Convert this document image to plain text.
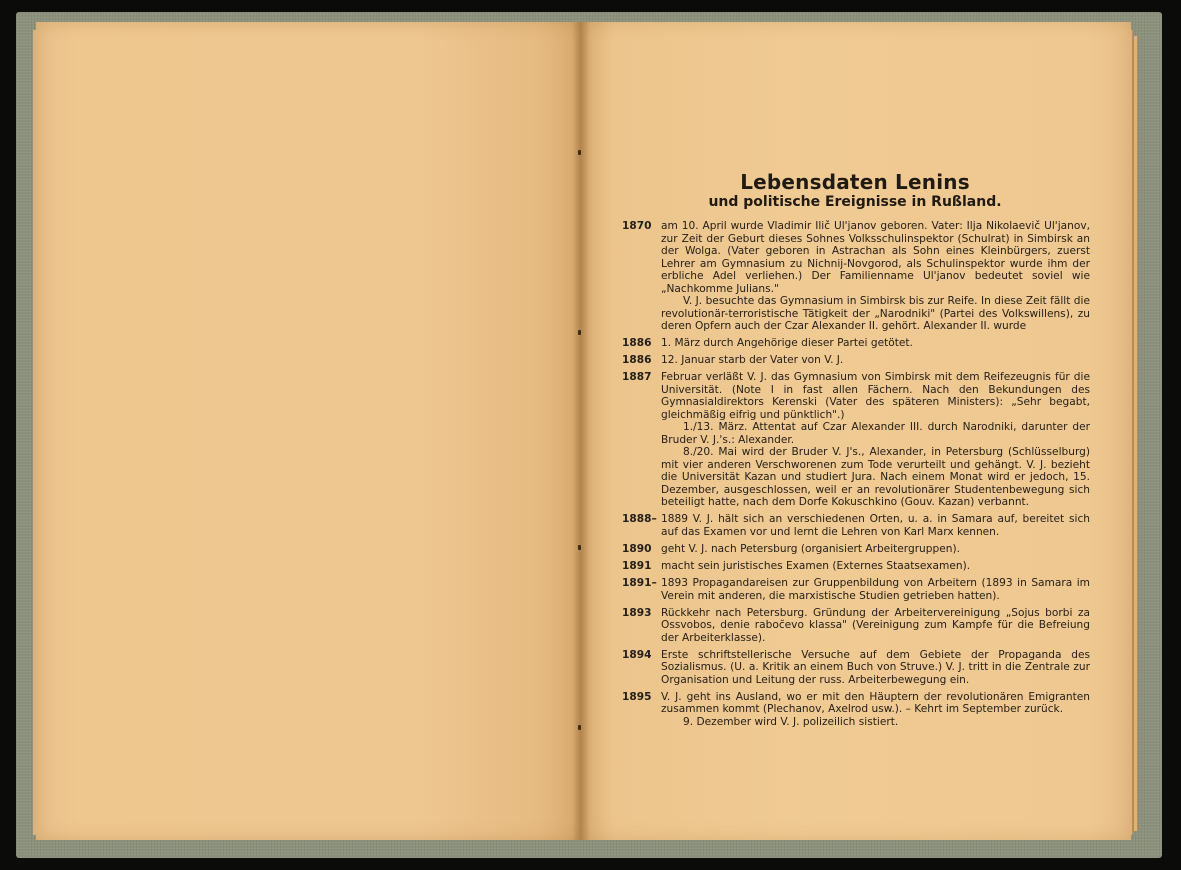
Lebensdaten Lenins
und politische Ereignisse in Rußland.
1870 am 10. April wurde Vladimir Ilič Ul'janov geboren. Vater: Ilja Nikolaevič Ul'janov, zur Zeit der Geburt dieses Sohnes Volksschulinspektor (Schulrat) in Simbirsk an der Wolga. (Vater geboren in Astrachan als Sohn eines Kleinbürgers, zuerst Lehrer am Gymnasium zu Nichnij-Novgorod, als Schulinspektor wurde ihm der erbliche Adel verliehen.) Der Familienname Ul'janov bedeutet soviel wie „Nachkomme Julians."

V. J. besuchte das Gymnasium in Simbirsk bis zur Reife. In diese Zeit fällt die revolutionär-terroristische Tätigkeit der „Narodniki" (Partei des Volkswillens), zu deren Opfern auch der Czar Alexander II. gehört. Alexander II. wurde

1886 1. März durch Angehörige dieser Partei getötet.

1886 12. Januar starb der Vater von V. J.

1887 Februar verläßt V. J. das Gymnasium von Simbirsk mit dem Reifezeugnis für die Universität. (Note I in fast allen Fächern. Nach den Bekundungen des Gymnasialdirektors Kerenski (Vater des späteren Ministers): „Sehr begabt, gleichmäßig eifrig und pünktlich".)

1./13. März. Attentat auf Czar Alexander III. durch Narodniki, darunter der Bruder V. J.'s.: Alexander.

8./20. Mai wird der Bruder V. J's., Alexander, in Petersburg (Schlüsselburg) mit vier anderen Verschworenen zum Tode verurteilt und gehängt. V. J. bezieht die Universität Kazan und studiert Jura. Nach einem Monat wird er jedoch, 15. Dezember, ausgeschlossen, weil er an revolutionärer Studentenbewegung sich beteiligt hatte, nach dem Dorfe Kokuschkino (Gouv. Kazan) verbannt.

1888– 1889 V. J. hält sich an verschiedenen Orten, u. a. in Samara auf, bereitet sich auf das Examen vor und lernt die Lehren von Karl Marx kennen.

1890 geht V. J. nach Petersburg (organisiert Arbeitergruppen).

1891 macht sein juristisches Examen (Externes Staatsexamen).

1891– 1893 Propagandareisen zur Gruppenbildung von Arbeitern (1893 in Samara im Verein mit anderen, die marxistische Studien getrieben hatten).

1893 Rückkehr nach Petersburg. Gründung der Arbeitervereinigung „Sojus borbi za Ossvobos, denie raboc̆evo klassa" (Vereinigung zum Kampfe für die Befreiung der Arbeiterklasse).

1894 Erste schriftstellerische Versuche auf dem Gebiete der Propaganda des Sozialismus. (U. a. Kritik an einem Buch von Struve.) V. J. tritt in die Zentrale zur Organisation und Leitung der russ. Arbeiterbewegung ein.

1895 V. J. geht ins Ausland, wo er mit den Häuptern der revolutionären Emigranten zusammen kommt (Plechanov, Axelrod usw.). – Kehrt im September zurück.

9. Dezember wird V. J. polizeilich sistiert.
